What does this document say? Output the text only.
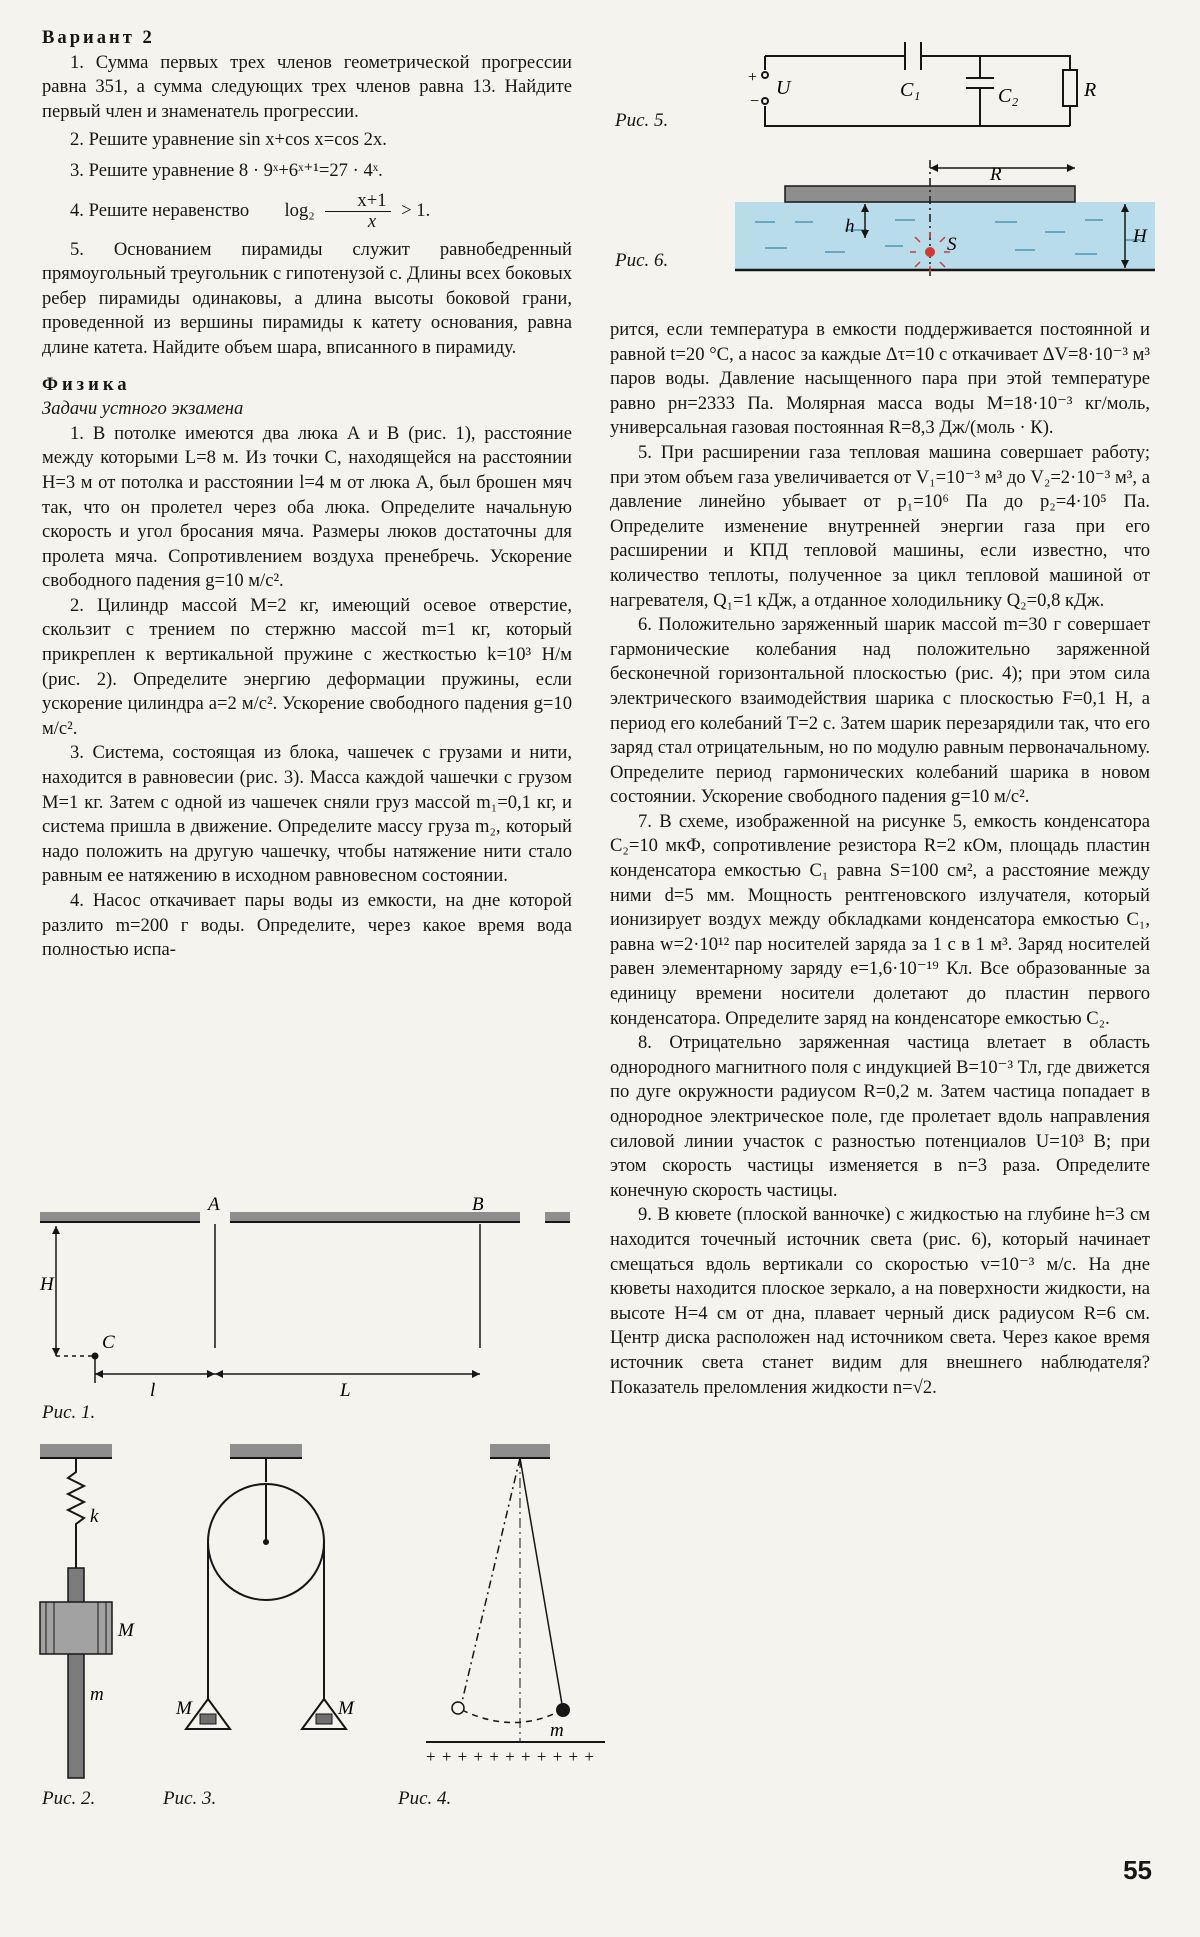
Вариант 2

1. Сумма первых трех членов геометрической прогрессии равна 351, а сумма следующих трех членов равна 13. Найдите первый член и знаменатель прогрессии.

2. Решите уравнение sin x+cos x=cos 2x.

3. Решите уравнение 8 · 9ˣ+6ˣ⁺¹=27 · 4ˣ.

4. Решите неравенство $\log_2 \frac{x+1}{x} > 1$.

5. Основанием пирамиды служит равнобедренный прямоугольный треугольник с гипотенузой c. Длины всех боковых ребер пирамиды одинаковы, а длина высоты боковой грани, проведенной из вершины пирамиды к катету основания, равна длине катета. Найдите объем шара, вписанного в пирамиду.

Физика

Задачи устного экзамена

1. В потолке имеются два люка A и B (рис. 1), расстояние между которыми L=8 м. Из точки C, находящейся на расстоянии H=3 м от потолка и расстоянии l=4 м от люка A, был брошен мяч так, что он пролетел через оба люка. Определите начальную скорость и угол бросания мяча. Размеры люков достаточны для пролета мяча. Сопротивлением воздуха пренебречь. Ускорение свободного падения g=10 м/с².

2. Цилиндр массой M=2 кг, имеющий осевое отверстие, скользит с трением по стержню массой m=1 кг, который прикреплен к вертикальной пружине с жесткостью k=10³ Н/м (рис. 2). Определите энергию деформации пружины, если ускорение цилиндра a=2 м/с². Ускорение свободного падения g=10 м/с².

3. Система, состоящая из блока, чашечек с грузами и нити, находится в равновесии (рис. 3). Масса каждой чашечки с грузом M=1 кг. Затем с одной из чашечек сняли груз массой m₁=0,1 кг, и система пришла в движение. Определите массу груза m₂, который надо положить на другую чашечку, чтобы натяжение нити стало равным ее натяжению в исходном равновесном состоянии.

4. Насос откачивает пары воды из емкости, на дне которой разлито m=200 г воды. Определите, через какое время вода полностью испа-

рится, если температура в емкости поддерживается постоянной и равной t=20 °C, а насос за каждые Δτ=10 с откачивает ΔV=8·10⁻³ м³ паров воды. Давление насыщенного пара при этой температуре равно pн=2333 Па. Молярная масса воды M=18·10⁻³ кг/моль, универсальная газовая постоянная R=8,3 Дж/(моль · К).

5. При расширении газа тепловая машина совершает работу; при этом объем газа увеличивается от V₁=10⁻³ м³ до V₂=2·10⁻³ м³, а давление линейно убывает от p₁=10⁶ Па до p₂=4·10⁵ Па. Определите изменение внутренней энергии газа при его расширении и КПД тепловой машины, если известно, что количество теплоты, полученное за цикл тепловой машиной от нагревателя, Q₁=1 кДж, а отданное холодильнику Q₂=0,8 кДж.

6. Положительно заряженный шарик массой m=30 г совершает гармонические колебания над положительно заряженной бесконечной горизонтальной плоскостью (рис. 4); при этом сила электрического взаимодействия шарика с плоскостью F=0,1 Н, а период его колебаний T=2 с. Затем шарик перезарядили так, что его заряд стал отрицательным, но по модулю равным первоначальному. Определите период гармонических колебаний шарика в новом состоянии. Ускорение свободного падения g=10 м/с².

7. В схеме, изображенной на рисунке 5, емкость конденсатора C₂=10 мкФ, сопротивление резистора R=2 кОм, площадь пластин конденсатора емкостью C₁ равна S=100 см², а расстояние между ними d=5 мм. Мощность рентгеновского излучателя, который ионизирует воздух между обкладками конденсатора емкостью C₁, равна w=2·10¹² пар носителей заряда за 1 с в 1 м³. Заряд носителей равен элементарному заряду e=1,6·10⁻¹⁹ Кл. Все образованные за единицу времени носители долетают до пластин первого конденсатора. Определите заряд на конденсаторе емкостью C₂.

8. Отрицательно заряженная частица влетает в область однородного магнитного поля с индукцией B=10⁻³ Тл, где движется по дуге окружности радиусом R=0,2 м. Затем частица попадает в однородное электрическое поле, где пролетает вдоль направления силовой линии участок с разностью потенциалов U=10³ В; при этом скорость частицы изменяется в n=3 раза. Определите конечную скорость частицы.

9. В кювете (плоской ванночке) с жидкостью на глубине h=3 см находится точечный источник света (рис. 6), который начинает смещаться вдоль вертикали со скоростью v=10⁻³ м/с. На дне кюветы находится плоское зеркало, а на поверхности жидкости, на высоте H=4 см от дна, плавает черный диск радиусом R=6 см. Центр диска расположен над источником света. Через какое время источник света станет видим для внешнего наблюдателя? Показатель преломления жидкости n=√2.

+
−
U	C₁	C₂	R
Рис. 5.
R
h
S	H
Рис. 6.
A	B
H
C
l	L
Рис. 1.
k
M
m
Рис. 2.
M	M
Рис. 3.
m
+ + + + + + + + + + +
Рис. 4.
55
